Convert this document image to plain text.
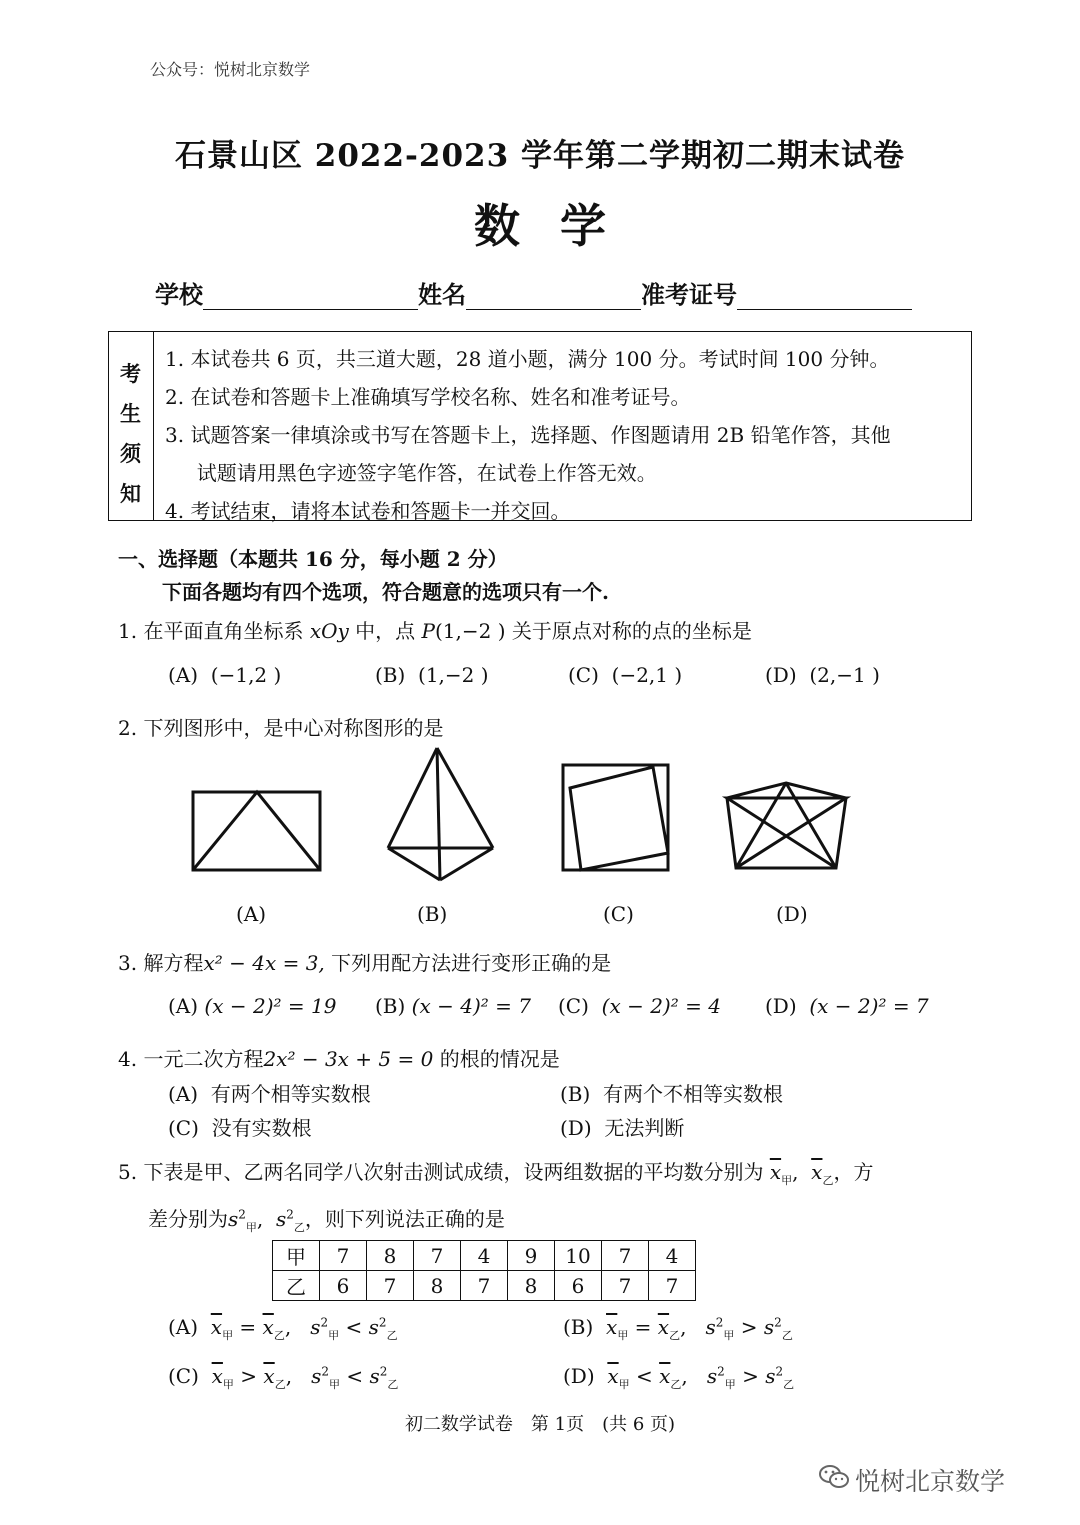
公众号：悦树北京数学
石景山区 2022-2023 学年第二学期初二期末试卷
数学
学校	姓名	准考证号
考
生
须
知
1. 本试卷共 6 页，共三道大题，28 道小题，满分 100 分。考试时间 100 分钟。
2. 在试卷和答题卡上准确填写学校名称、姓名和准考证号。
3. 试题答案一律填涂或书写在答题卡上，选择题、作图题请用 2B 铅笔作答，其他
试题请用黑色字迹签字笔作答，在试卷上作答无效。
4. 考试结束，请将本试卷和答题卡一并交回。
一、选择题（本题共 16 分，每小题 2 分）
下面各题均有四个选项，符合题意的选项只有一个.
1. 在平面直角坐标系 xOy 中，点 P(1,−2 ) 关于原点对称的点的坐标是
(A) (−1,2 )	(B) (1,−2 )	(C) (−2,1 )	(D) (2,−1 )
2. 下列图形中，是中心对称图形的是
(A)	(B)	(C)	(D)
3. 解方程x² − 4x = 3, 下列用配方法进行变形正确的是
(A) (x − 2)² = 19 (B) (x − 4)² = 7 (C) (x − 2)² = 4 (D) (x − 2)² = 7
4. 一元二次方程2x² − 3x + 5 = 0 的根的情况是
(A) 有两个相等实数根	(B) 有两个不相等实数根
(C) 没有实数根	(D) 无法判断
5. 下表是甲、乙两名同学八次射击测试成绩，设两组数据的平均数分别为 $\overline{x}_甲$,  $\overline{x}_乙$，方
差分别为$s^2_甲$,  $s^2_乙$，则下列说法正确的是
甲	7	8	7	4	9	10	7	4
乙	6	7	8	7	8	6	7	7
(A) $\overline{x}_甲 = \overline{x}_乙$,   $s^2_甲 < s^2_乙$	(B) $\overline{x}_甲 = \overline{x}_乙$,   $s^2_甲 > s^2_乙$
(C) $\overline{x}_甲 > \overline{x}_乙$,   $s^2_甲 < s^2_乙$	(D) $\overline{x}_甲 < \overline{x}_乙$,   $s^2_甲 > s^2_乙$
初二数学试卷　第 1页　(共 6 页)
悦树北京数学
